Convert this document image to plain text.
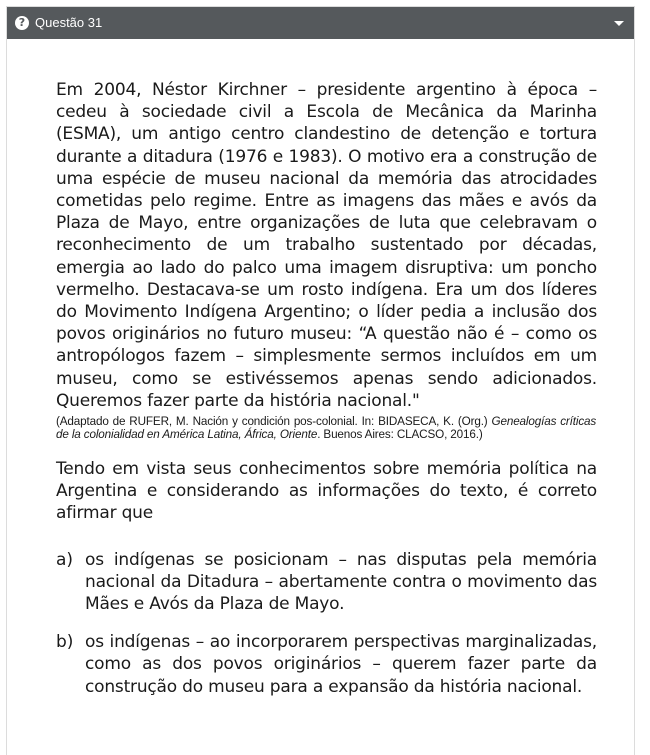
? Questão 31

Em 2004, Néstor Kirchner – presidente argentino à época – cedeu à sociedade civil a Escola de Mecânica da Marinha (ESMA), um antigo centro clandestino de detenção e tortura durante a ditadura (1976 e 1983). O motivo era a construção de uma espécie de museu nacional da memória das atrocidades cometidas pelo regime. Entre as imagens das mães e avós da Plaza de Mayo, entre organizações de luta que celebravam o reconhecimento de um trabalho sustentado por décadas, emergia ao lado do palco uma imagem disruptiva: um poncho vermelho. Destacava-se um rosto indígena. Era um dos líderes do Movimento Indígena Argentino; o líder pedia a inclusão dos povos originários no futuro museu: “A questão não é – como os antropólogos fazem – simplesmente sermos incluídos em um museu, como se estivéssemos apenas sendo adicionados. Queremos fazer parte da história nacional."

(Adaptado de RUFER, M. Nación y condición pos-colonial. In: BIDASECA, K. (Org.) Genealogías críticas de la colonialidad en América Latina, África, Oriente. Buenos Aires: CLACSO, 2016.)

Tendo em vista seus conhecimentos sobre memória política na Argentina e considerando as informações do texto, é correto afirmar que

a) os indígenas se posicionam – nas disputas pela memória nacional da Ditadura – abertamente contra o movimento das Mães e Avós da Plaza de Mayo.
b) os indígenas – ao incorporarem perspectivas marginalizadas, como as dos povos originários – querem fazer parte da construção do museu para a expansão da história nacional.
